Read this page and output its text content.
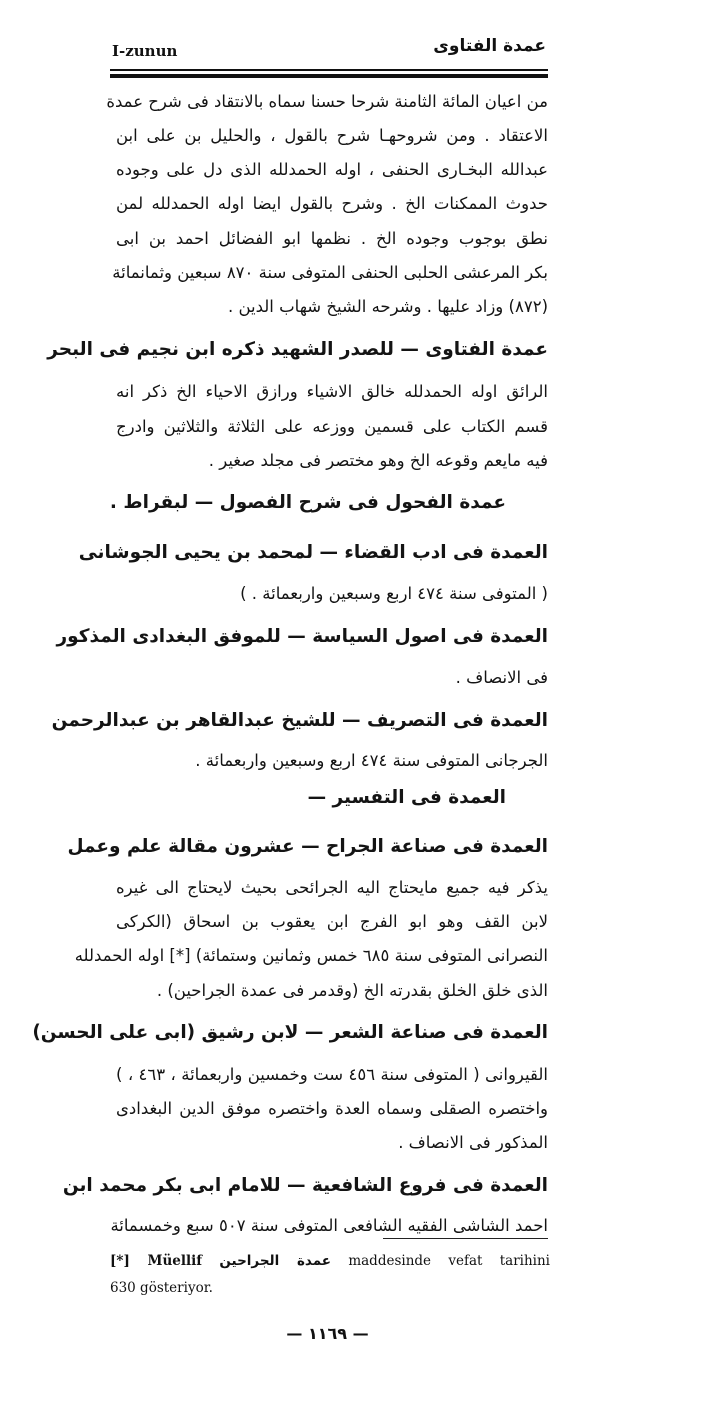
I-zunun	عمدة الفتاوى
من اعيان المائة الثامنة شرحا حسنا سماه بالانتقاد فى شرح عمدة
الاعتقاد . ومن شروحهـا شرح بالقول ، والحليل بن على ابن
عبدالله البخـارى الحنفى ، اوله الحمدلله الذى دل على وجوده
حدوث الممكنات الخ . وشرح بالقول ايضا اوله الحمدلله لمن
نطق بوجوب وجوده الخ . نظمها ابو الفضائل احمد بن ابى
بكر المرعشى الحلبى الحنفى المتوفى سنة ٨٧٠ سبعين وثمانمائة
(٨٧٢) وزاد عليها . وشرحه الشيخ شهاب الدين .
عمدة الفتاوى — للصدر الشهيد ذكره ابن نجيم فى البحر
الرائق اوله الحمدلله خالق الاشياء ورازق الاحياء الخ ذكر انه
قسم الكتاب على قسمين ووزعه على الثلاثة والثلاثين وادرج
فيه مايعم وقوعه الخ وهو مختصر فى مجلد صغير .
عمدة الفحول فى شرح الفصول — لبقراط .
العمدة فى ادب القضاء — لمحمد بن يحيى الجوشانى
( المتوفى سنة ٤٧٤ اربع وسبعين واربعمائة . )
العمدة فى اصول السياسة — للموفق البغدادى المذكور
فى الانصاف .
العمدة فى التصريف — للشيخ عبدالقاهر بن عبدالرحمن
الجرجانى المتوفى سنة ٤٧٤ اربع وسبعين واربعمائة .
العمدة فى التفسير —
العمدة فى صناعة الجراح — عشرون مقالة علم وعمل
يذكر فيه جميع مايحتاج اليه الجرائحى بحيث لايحتاج الى غيره
لابن القف وهو ابو الفرج ابن يعقوب بن اسحاق (الكركى
النصرانى المتوفى سنة ٦٨٥ خمس وثمانين وستمائة) [*] اوله الحمدلله
الذى خلق الخلق بقدرته الخ (وقدمر فى عمدة الجراحين) .
العمدة فى صناعة الشعر — لابن رشيق (ابى على الحسن)
القيروانى ( المتوفى سنة ٤٥٦ ست وخمسين واربعمائة ، ٤٦٣ ، )
واختصره الصقلى وسماه العدة واختصره موفق الدين البغدادى
المذكور فى الانصاف .
العمدة فى فروع الشافعية — للامام ابى بكر محمد ابن
احمد الشاشى الفقيه الشافعى المتوفى سنة ٥٠٧ سبع وخمسمائة
[*] Müellif عمدة الجراحين maddesinde vefat tarihini
630 gösteriyor.
— ١١٦٩ —
